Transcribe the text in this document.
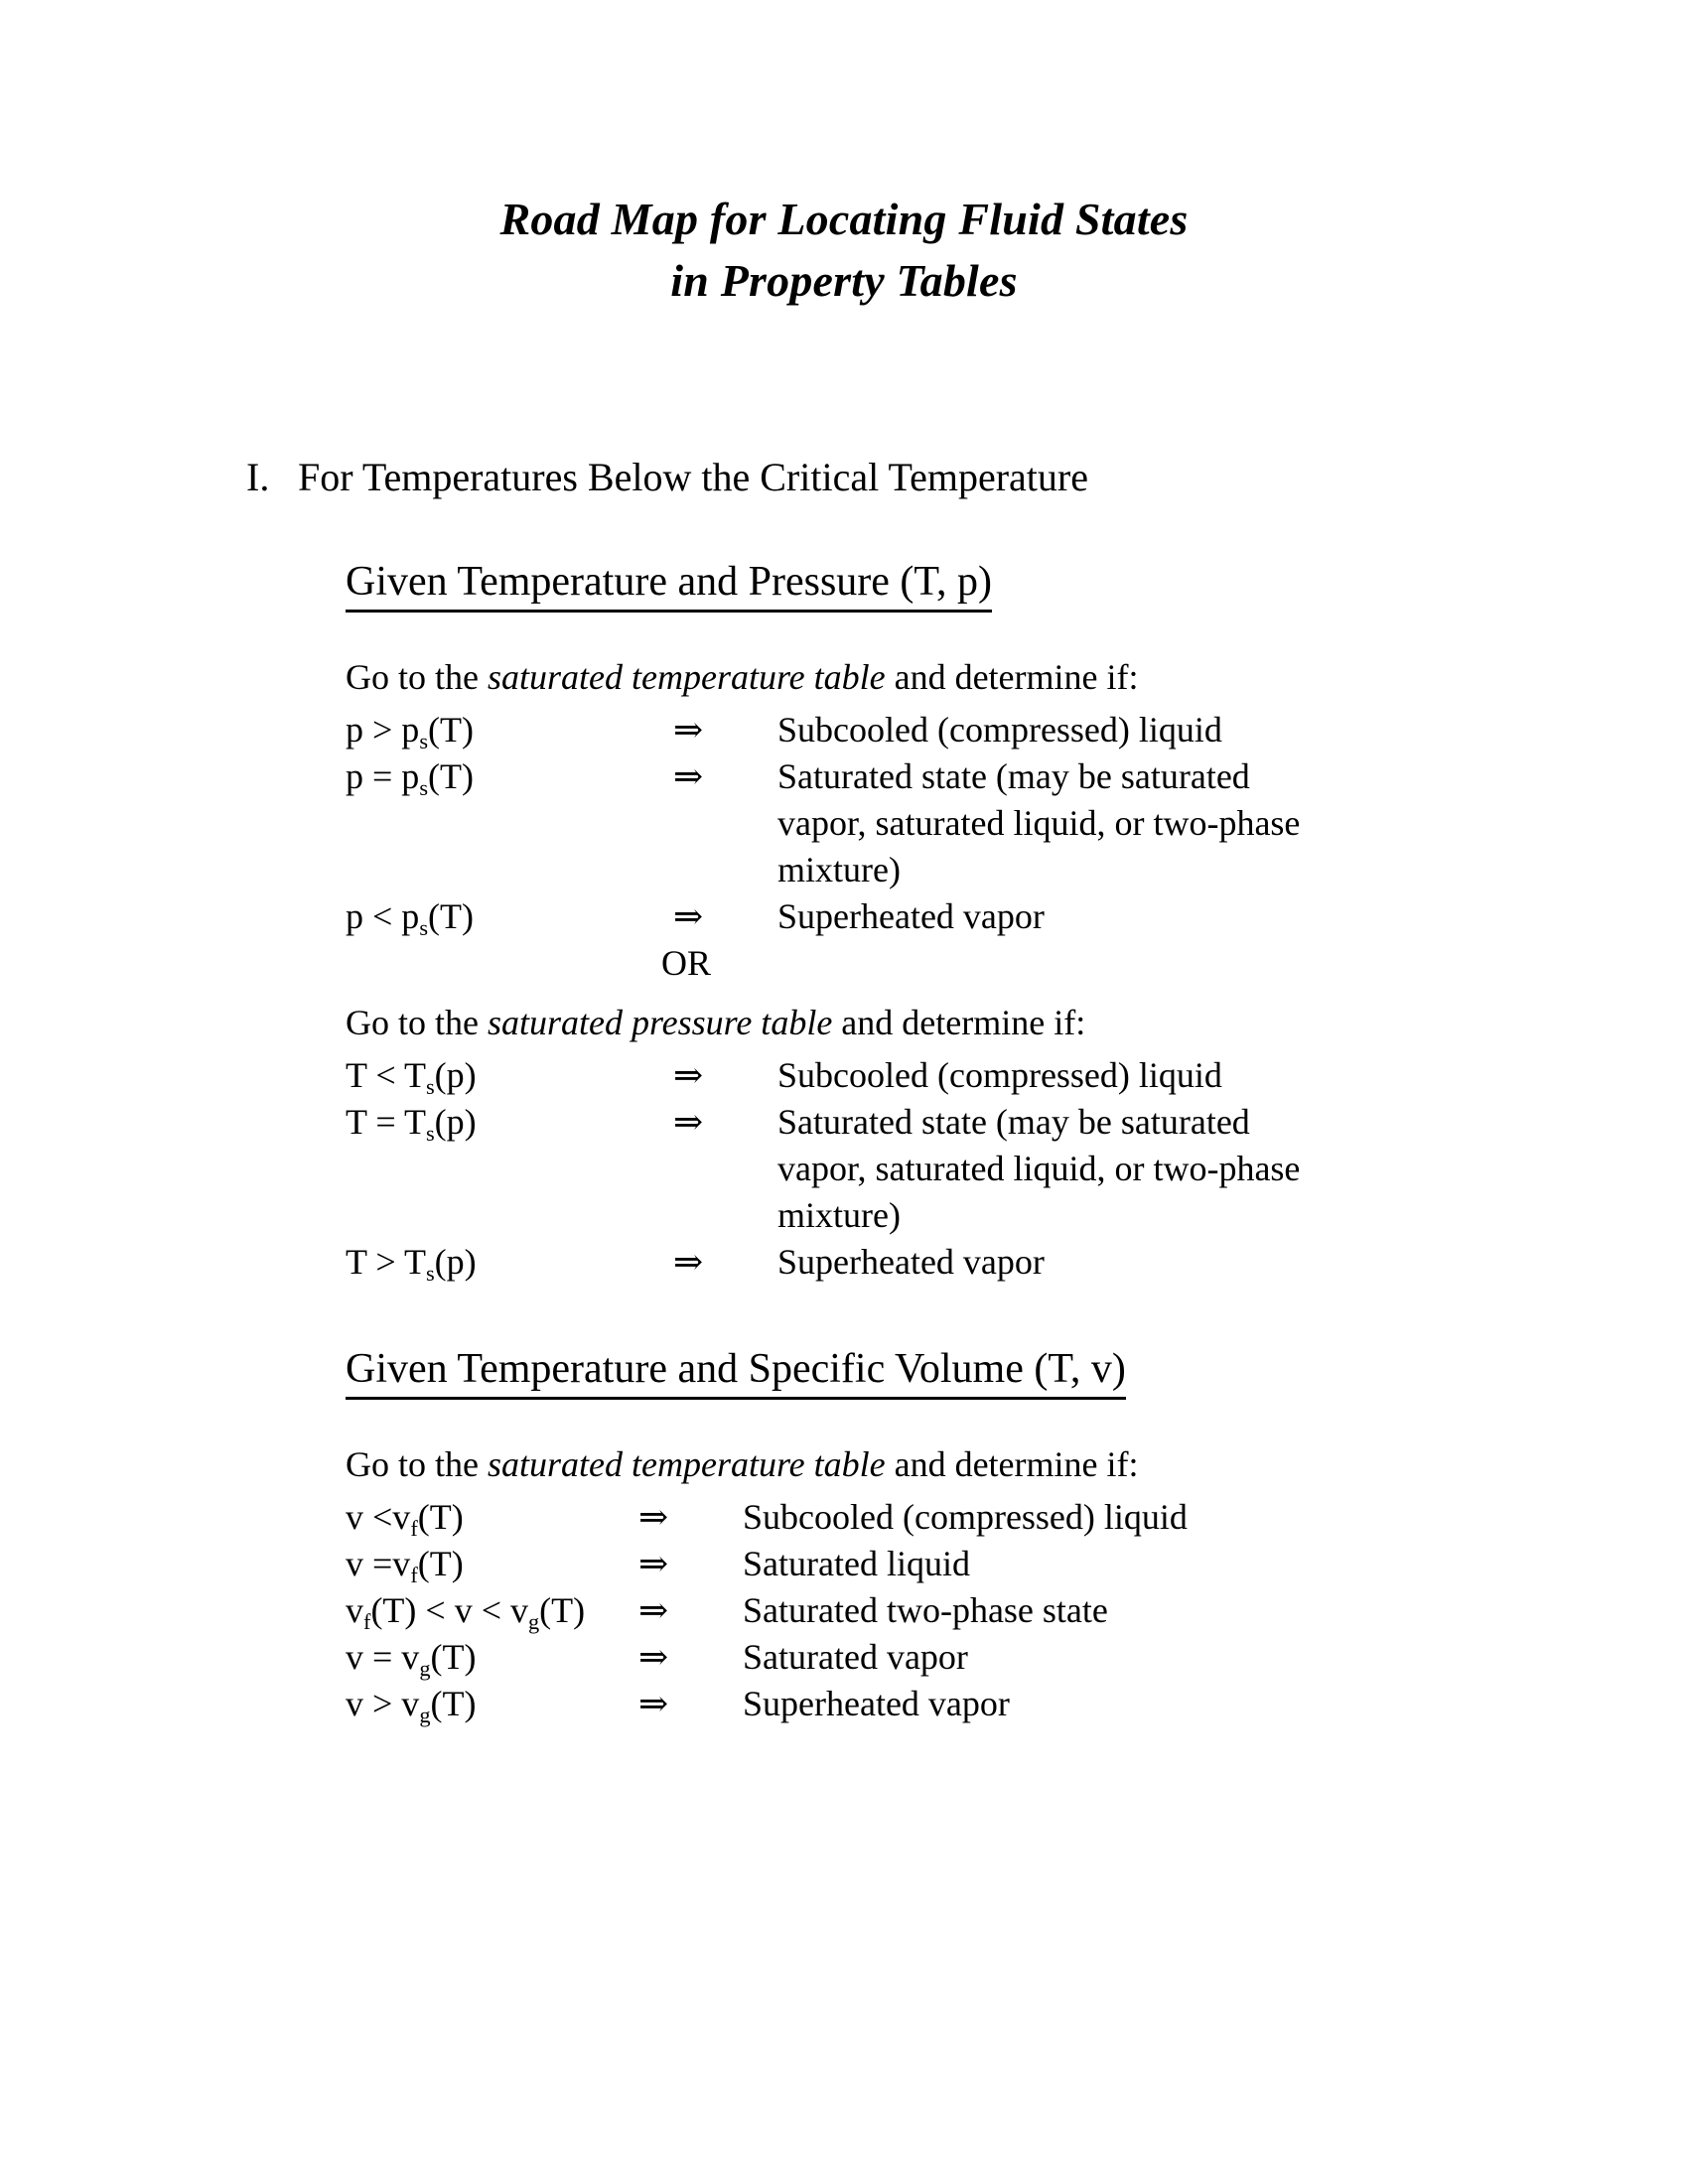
Road Map for Locating Fluid States
in Property Tables
I. For Temperatures Below the Critical Temperature
Given Temperature and Pressure (T, p)
Go to the saturated temperature table and determine if:
$p > p_s(T)$	⇒	Subcooled (compressed) liquid
$p = p_s(T)$	⇒	Saturated state (may be saturated
vapor, saturated liquid, or two-phase
mixture)
$p < p_s(T)$	⇒	Superheated vapor
OR
Go to the saturated pressure table and determine if:
$T < T_s(p)$	⇒	Subcooled (compressed) liquid
$T = T_s(p)$	⇒	Saturated state (may be saturated
vapor, saturated liquid, or two-phase
mixture)
$T > T_s(p)$	⇒	Superheated vapor
Given Temperature and Specific Volume (T, v)
Go to the saturated temperature table and determine if:
$v <v_f(T)$	⇒	Subcooled (compressed) liquid
$v =v_f(T)$	⇒	Saturated liquid
$v_f(T) < v < v_g(T)$	⇒	Saturated two-phase state
$v = v_g(T)$	⇒	Saturated vapor
$v > v_g(T)$	⇒	Superheated vapor
